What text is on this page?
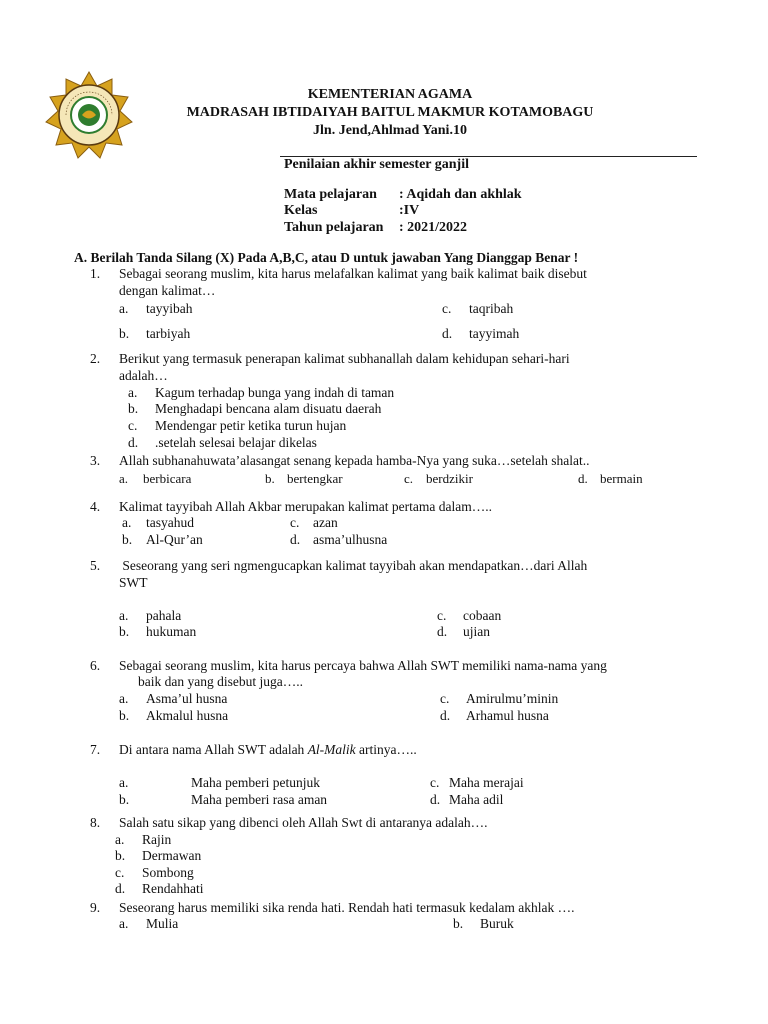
KEMENTERIAN AGAMA
MADRASAH IBTIDAIYAH BAITUL MAKMUR KOTAMOBAGU
Jln. Jend,Ahlmad Yani.10
Penilaian akhir semester ganjil
Mata pelajaran : Aqidah dan akhlak
Kelas	:IV
Tahun pelajaran : 2021/2022
A. Berilah Tanda Silang (X) Pada A,B,C, atau D untuk jawaban Yang Dianggap Benar !
1. Sebagai seorang muslim, kita harus melafalkan kalimat yang baik kalimat baik disebut
dengan kalimat…
a. tayyibah	c. taqribah
b. tarbiyah	d. tayyimah
2. Berikut yang termasuk penerapan kalimat subhanallah dalam kehidupan sehari-hari
adalah…
a. Kagum terhadap bunga yang indah di taman
b. Menghadapi bencana alam disuatu daerah
c. Mendengar petir ketika turun hujan
d. .setelah selesai belajar dikelas
3. Allah subhanahuwata’alasangat senang kepada hamba-Nya yang suka…setelah shalat..
a. berbicara	b. bertengkar	c. berdzikir	d. bermain
4. Kalimat tayyibah Allah Akbar merupakan kalimat pertama dalam…..
a. tasyahud	c. azan
b. Al-Qur’an	d. asma’ulhusna
5. Seseorang yang seri ngmengucapkan kalimat tayyibah akan mendapatkan…dari Allah
SWT
a. pahala	c. cobaan
b. hukuman	d. ujian
6. Sebagai seorang muslim, kita harus percaya bahwa Allah SWT memiliki nama-nama yang
baik dan yang disebut juga…..
a. Asma’ul husna	c. Amirulmu’minin
b. Akmalul husna	d. Arhamul husna
7. Di antara nama Allah SWT adalah Al-Malik artinya…..
a.	Maha pemberi petunjuk	c. Maha merajai
b.	Maha pemberi rasa aman	d. Maha adil
8. Salah satu sikap yang dibenci oleh Allah Swt di antaranya adalah….
a. Rajin
b. Dermawan
c. Sombong
d. Rendahhati
9. Seseorang harus memiliki sika renda hati. Rendah hati termasuk kedalam akhlak ….
a. Mulia	b. Buruk
